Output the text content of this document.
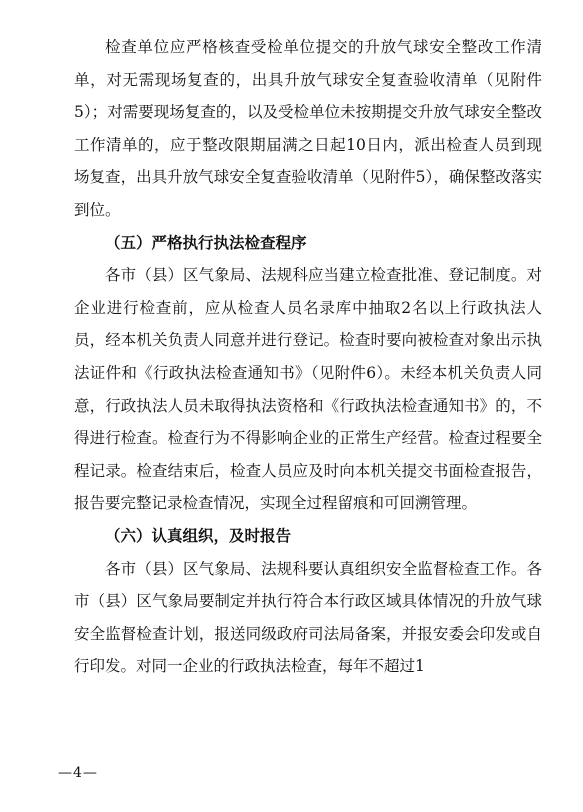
检查单位应严格核查受检单位提交的升放气球安全整改工作清单，对无需现场复查的，出具升放气球安全复查验收清单（见附件5）；对需要现场复查的，以及受检单位未按期提交升放气球安全整改工作清单的，应于整改限期届满之日起10日内，派出检查人员到现场复查，出具升放气球安全复查验收清单（见附件5），确保整改落实到位。

（五）严格执行执法检查程序

各市（县）区气象局、法规科应当建立检查批准、登记制度。对企业进行检查前，应从检查人员名录库中抽取2名以上行政执法人员，经本机关负责人同意并进行登记。检查时要向被检查对象出示执法证件和《行政执法检查通知书》（见附件6）。未经本机关负责人同意，行政执法人员未取得执法资格和《行政执法检查通知书》的，不得进行检查。检查行为不得影响企业的正常生产经营。检查过程要全程记录。检查结束后，检查人员应及时向本机关提交书面检查报告，报告要完整记录检查情况，实现全过程留痕和可回溯管理。

（六）认真组织，及时报告

各市（县）区气象局、法规科要认真组织安全监督检查工作。各市（县）区气象局要制定并执行符合本行政区域具体情况的升放气球安全监督检查计划，报送同级政府司法局备案，并报安委会印发或自行印发。对同一企业的行政执法检查，每年不超过1

—4—
